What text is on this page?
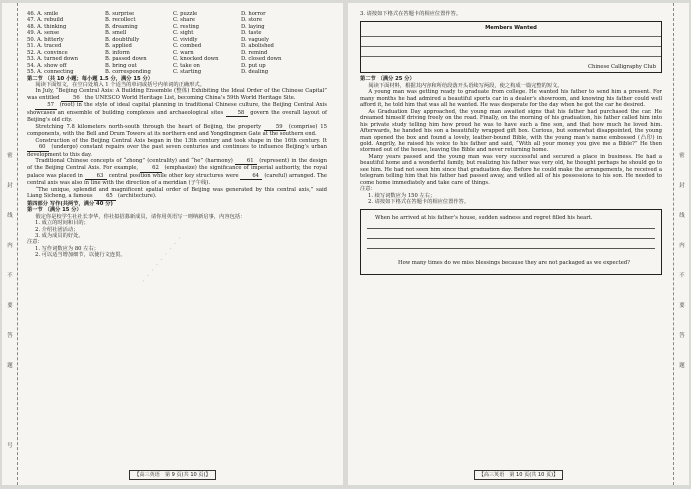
密
封
线
内
不
要
答
题
号
· · · · · · · · ·
46. A. smile	B. surprise	C. puzzle	D. horror
47. A. rebuild	B. recollect	C. share	D. store
48. A. thinking	B. dreaming	C. resting	D. laying
49. A. sense	B. smell	C. sight	D. taste
50. A. bitterly	B. doubtfully	C. vividly	D. vaguely
51. A. traced	B. applied	C. combed	D. abolished
52. A. convince	B. inform	C. warn	D. remind
53. A. turned down	B. passed down	C. knocked down	D. closed down
54. A. show off	B. bring out	C. take on	D. put up
55. A. connecting	B. corresponding	C. starting	D. dealing
第二节 （共 10 小题；每小题 1.5 分，满分 15 分）

阅读下面短文，在空白处填入 1 个适当的单词或括号内单词的正确形式。

In July, “Beijing Central Axis: A Building Ensemble (整体) Exhibiting the Ideal Order of the Chinese Capital” was entitled	56 the UNESCO World Heritage List, becoming China’s 59th World Heritage Site.

57 (root) in the style of ideal capital planning in traditional Chinese culture, the Beijing Central Axis showcases an ensemble of building complexes and archaeological sites	58 govern the overall layout of Beijing’s old city.

Stretching 7.8 kilometers north-south through the heart of Beijing, the property	59 (comprise) 15 components, with the Bell and Drum Towers at its northern end and Yongdingmen Gate at the southern end.

Construction of the Beijing Central Axis began in the 13th century and took shape in the 16th century. It 60 (undergo) constant repairs over the past seven centuries and continues to influence Beijing’s urban development to this day.

Traditional Chinese concepts of “zhong” (centrality) and “he” (harmony)	61 (represent) in the design of the Beijing Central Axis. For example,	62 (emphasize) the significance of imperial authority, the royal palace was placed in	63 central position while other key structures were	64 (careful) arranged. The central axis was also in line with the direction of a meridian (子午线).

“The unique, splendid and magnificent spatial order of Beijing was generated by this central axis,” said Liang Sicheng, a famous	65 (architecture).

第四部分 写作(共两节，满分 40 分)
第一节 （满分 15 分）

假定你是校学生社社长李华，你社拟招募新成员，请你用英语写一则纳新启事，内容包括：

1. 成立的时间和目的；
2. 介绍社团活动；
3. 成为成员的好处。
注意：
1. 写作词数应为 80 左右；
2. 可以适当增加细节，以使行文连贯。
【高三英语　第 9 页(共 10 页)】
密
封
线
内
不
要
答
题
3. 请按如下格式在答题卡的相应位置作答。
Members Wanted
Chinese Calligraphy Club
第二节 （满分 25 分）

阅读下面材料，根据其内容和所给段落开头语续写两段，使之构成一篇完整的短文。

A young man was getting ready to graduate from college. He wanted his father to send him a present. For many months he had admired a beautiful sports car in a dealer’s showroom, and knowing his father could well afford it, he told him that was all he wanted. He was desperate for the day when he got the car he desired.

As Graduation Day approached, the young man awaited signs that his father had purchased the car. He dreamed himself driving freely on the road. Finally, on the morning of his graduation, his father called him into his private study telling him how proud he was to have such a fine son, and that how much he loved him. Afterwards, he handed his son a beautifully wrapped gift box. Curious, but somewhat disappointed, the young man opened the box and found a lovely, leather-bound Bible, with the young man’s name embossed (凸印) in gold. Angrily, he raised his voice to his father and said, “With all your money you give me a Bible?” He then stormed out of the house, leaving the Bible and never returning home.

Many years passed and the young man was very successful and secured a place in business. He had a beautiful home and a wonderful family, but realizing his father was very old, he thought perhaps he should go to see him. He had not seen him since that graduation day. Before he could make the arrangements, he received a telegram telling him that his father had passed away, and willed all of his possessions to his son. He needed to come home immediately and take care of things.

注意：
1. 续写词数应为 150 左右；
2. 请按如下格式在答题卡的相应位置作答。
When he arrived at his father’s house, sudden sadness and regret filled his heart.
How many times do we miss blessings because they are not packaged as we expected?
【高三英语　第 10 页(共 10 页)】
